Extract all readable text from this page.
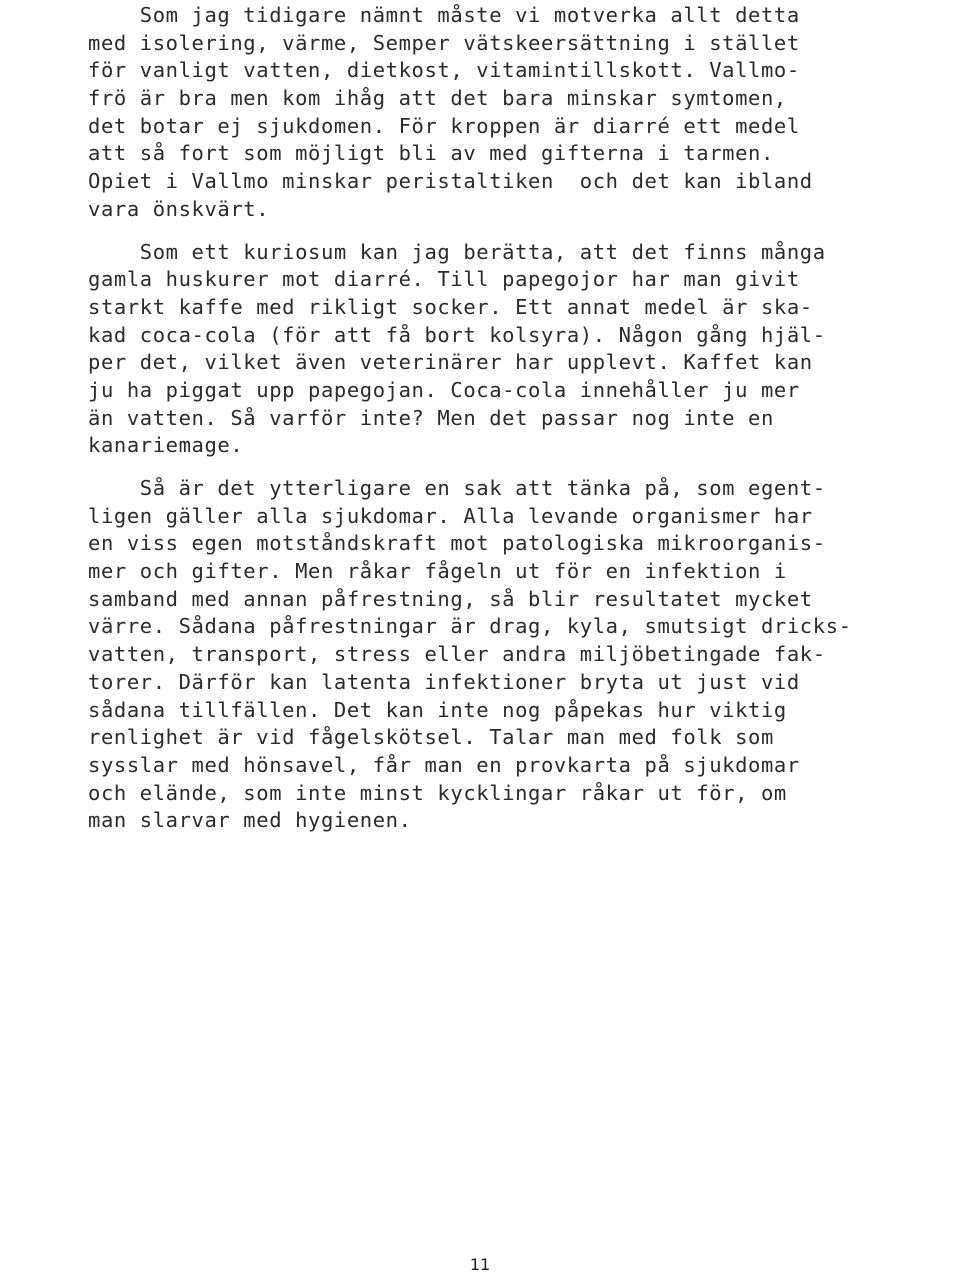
Som jag tidigare nämnt måste vi motverka allt detta
med isolering, värme, Semper vätskeersättning i stället
för vanligt vatten, dietkost, vitamintillskott. Vallmo-
frö är bra men kom ihåg att det bara minskar symtomen,
det botar ej sjukdomen. För kroppen är diarré ett medel
att så fort som möjligt bli av med gifterna i tarmen.
Opiet i Vallmo minskar peristaltiken  och det kan ibland
vara önskvärt.
Som ett kuriosum kan jag berätta, att det finns många
gamla huskurer mot diarré. Till papegojor har man givit
starkt kaffe med rikligt socker. Ett annat medel är ska-
kad coca-cola (för att få bort kolsyra). Någon gång hjäl-
per det, vilket även veterinärer har upplevt. Kaffet kan
ju ha piggat upp papegojan. Coca-cola innehåller ju mer
än vatten. Så varför inte? Men det passar nog inte en
kanariemage.
Så är det ytterligare en sak att tänka på, som egent-
ligen gäller alla sjukdomar. Alla levande organismer har
en viss egen motståndskraft mot patologiska mikroorganis-
mer och gifter. Men råkar fågeln ut för en infektion i
samband med annan påfrestning, så blir resultatet mycket
värre. Sådana påfrestningar är drag, kyla, smutsigt dricks-
vatten, transport, stress eller andra miljöbetingade fak-
torer. Därför kan latenta infektioner bryta ut just vid
sådana tillfällen. Det kan inte nog påpekas hur viktig
renlighet är vid fågelskötsel. Talar man med folk som
sysslar med hönsavel, får man en provkarta på sjukdomar
och elände, som inte minst kycklingar råkar ut för, om
man slarvar med hygienen.
11
